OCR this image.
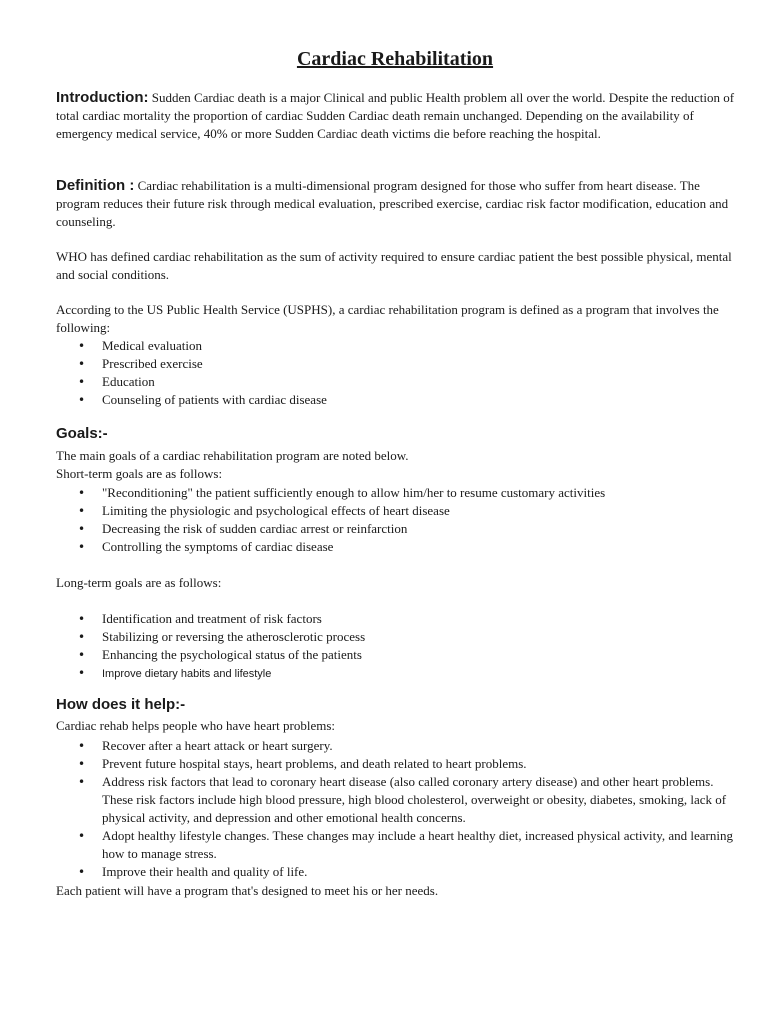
Cardiac Rehabilitation

Introduction: Sudden Cardiac death is a major Clinical and public Health problem all over the world. Despite the reduction of total cardiac mortality the proportion of cardiac Sudden Cardiac death remain unchanged. Depending on the availability of emergency medical service, 40% or more Sudden Cardiac death victims die before reaching the hospital.

Definition : Cardiac rehabilitation is a multi-dimensional program designed for those who suffer from heart disease. The program reduces their future risk through medical evaluation, prescribed exercise, cardiac risk factor modification, education and counseling.

WHO has defined cardiac rehabilitation as the sum of activity required to ensure cardiac patient the best possible physical, mental and social conditions.

According to the US Public Health Service (USPHS), a cardiac rehabilitation program is defined as a program that involves the following:

• Medical evaluation
• Prescribed exercise
• Education
• Counseling of patients with cardiac disease
Goals:-

The main goals of a cardiac rehabilitation program are noted below.

Short-term goals are as follows:

• "Reconditioning" the patient sufficiently enough to allow him/her to resume customary activities
• Limiting the physiologic and psychological effects of heart disease
• Decreasing the risk of sudden cardiac arrest or reinfarction
• Controlling the symptoms of cardiac disease

Long-term goals are as follows:

• Identification and treatment of risk factors
• Stabilizing or reversing the atherosclerotic process
• Enhancing the psychological status of the patients
• Improve dietary habits and lifestyle
How does it help:-

Cardiac rehab helps people who have heart problems:

• Recover after a heart attack or heart surgery.
• Prevent future hospital stays, heart problems, and death related to heart problems.
• Address risk factors that lead to coronary heart disease (also called coronary artery disease) and other heart problems. These risk factors include high blood pressure, high blood cholesterol, overweight or obesity, diabetes, smoking, lack of physical activity, and depression and other emotional health concerns.
• Adopt healthy lifestyle changes. These changes may include a heart healthy diet, increased physical activity, and learning how to manage stress.
• Improve their health and quality of life.

Each patient will have a program that's designed to meet his or her needs.
